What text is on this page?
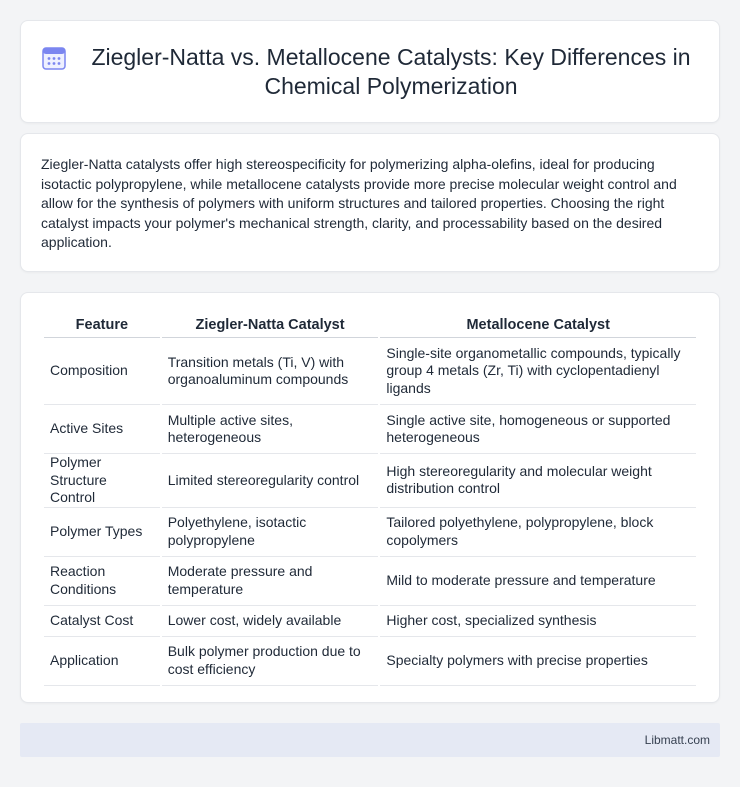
Ziegler-Natta vs. Metallocene Catalysts: Key Differences in Chemical Polymerization

Ziegler-Natta catalysts offer high stereospecificity for polymerizing alpha-olefins, ideal for producing isotactic polypropylene, while metallocene catalysts provide more precise molecular weight control and allow for the synthesis of polymers with uniform structures and tailored properties. Choosing the right catalyst impacts your polymer's mechanical strength, clarity, and processability based on the desired application.

Feature	Ziegler-Natta Catalyst	Metallocene Catalyst
Composition	Transition metals (Ti, V) with organoaluminum compounds	Single-site organometallic compounds, typically group 4 metals (Zr, Ti) with cyclopentadienyl ligands
Active Sites	Multiple active sites, heterogeneous	Single active site, homogeneous or supported heterogeneous
Polymer Structure Control	Limited stereoregularity control	High stereoregularity and molecular weight distribution control
Polymer Types	Polyethylene, isotactic polypropylene	Tailored polyethylene, polypropylene, block copolymers
Reaction Conditions	Moderate pressure and temperature	Mild to moderate pressure and temperature
Catalyst Cost	Lower cost, widely available	Higher cost, specialized synthesis
Application	Bulk polymer production due to cost efficiency	Specialty polymers with precise properties
Libmatt.com
